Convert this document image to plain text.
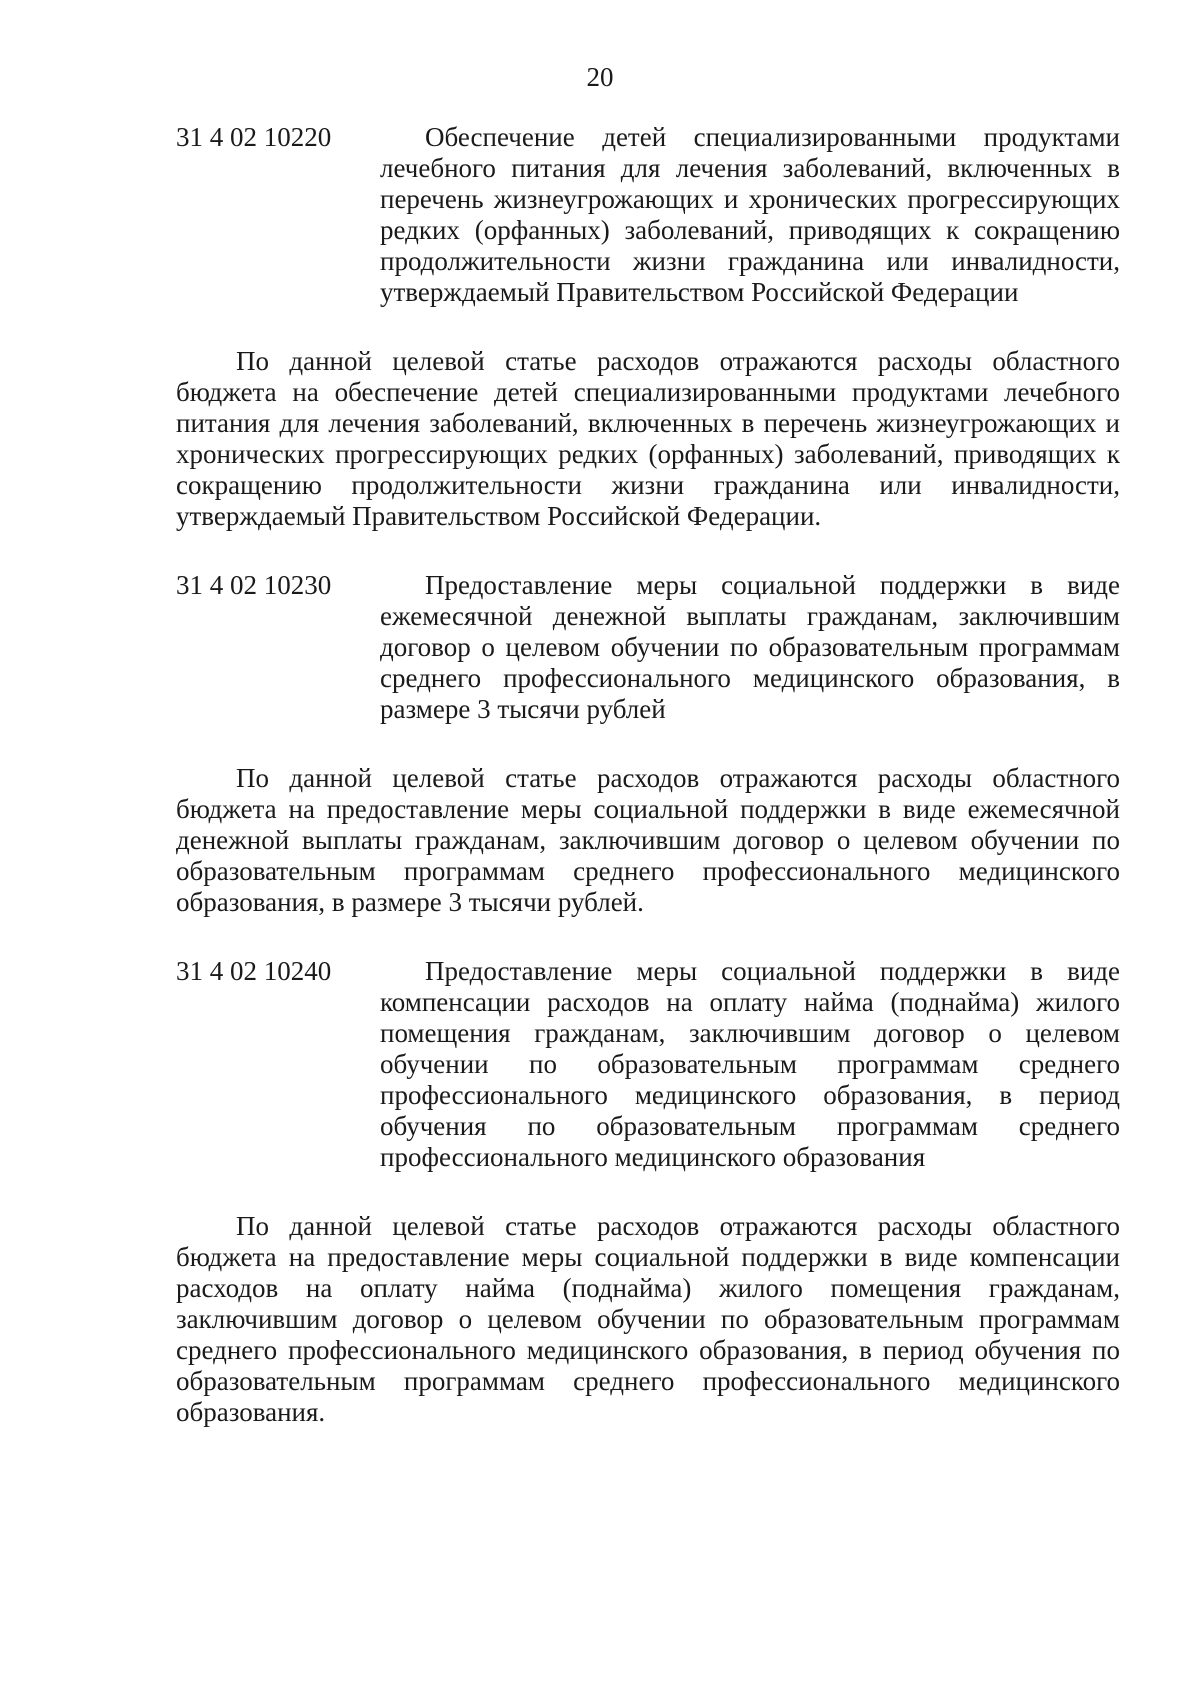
20
31 4 02 10220	Обеспечение детей специализированными продуктами лечебного питания для лечения заболеваний, включенных в перечень жизнеугрожающих и хронических прогрессирующих редких (орфанных) заболеваний, приводящих к сокращению продолжительности жизни гражданина или инвалидности, утверждаемый Правительством Российской Федерации

По данной целевой статье расходов отражаются расходы областного бюджета на обеспечение детей специализированными продуктами лечебного питания для лечения заболеваний, включенных в перечень жизнеугрожающих и хронических прогрессирующих редких (орфанных) заболеваний, приводящих к сокращению продолжительности жизни гражданина или инвалидности, утверждаемый Правительством Российской Федерации.

31 4 02 10230	Предоставление меры социальной поддержки в виде ежемесячной денежной выплаты гражданам, заключившим договор о целевом обучении по образовательным программам среднего профессионального медицинского образования, в размере 3 тысячи рублей

По данной целевой статье расходов отражаются расходы областного бюджета на предоставление меры социальной поддержки в виде ежемесячной денежной выплаты гражданам, заключившим договор о целевом обучении по образовательным программам среднего профессионального медицинского образования, в размере 3 тысячи рублей.

31 4 02 10240	Предоставление меры социальной поддержки в виде компенсации расходов на оплату найма (поднайма) жилого помещения гражданам, заключившим договор о целевом обучении по образовательным программам среднего профессионального медицинского образования, в период обучения по образовательным программам среднего профессионального медицинского образования

По данной целевой статье расходов отражаются расходы областного бюджета на предоставление меры социальной поддержки в виде компенсации расходов на оплату найма (поднайма) жилого помещения гражданам, заключившим договор о целевом обучении по образовательным программам среднего профессионального медицинского образования, в период обучения по образовательным программам среднего профессионального медицинского образования.
